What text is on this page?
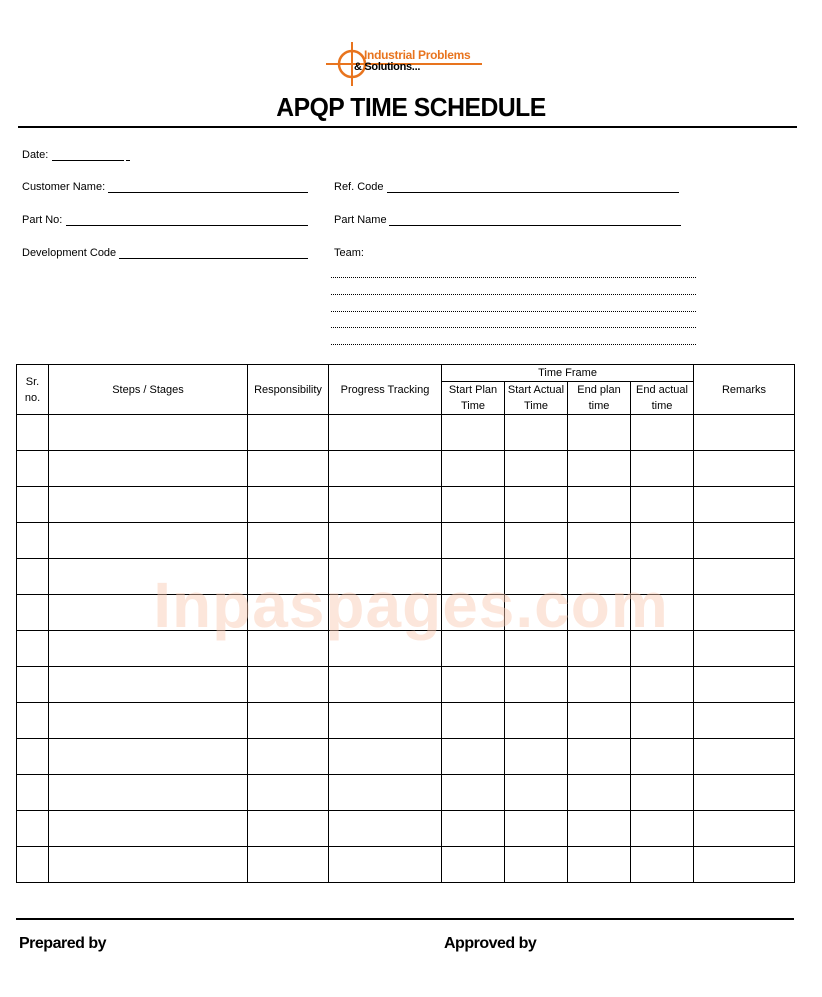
Industrial Problems
& Solutions...
APQP TIME SCHEDULE
Date:
Customer Name:	Ref. Code
Part No:	Part Name
Development Code	Team:
Sr. no.	Steps / Stages	Responsibility	Progress Tracking	Time Frame				Remarks
				Start Plan Time	Start Actual Time	End plan time	End actual time	

Inpaspages.com
Prepared by	Approved by
